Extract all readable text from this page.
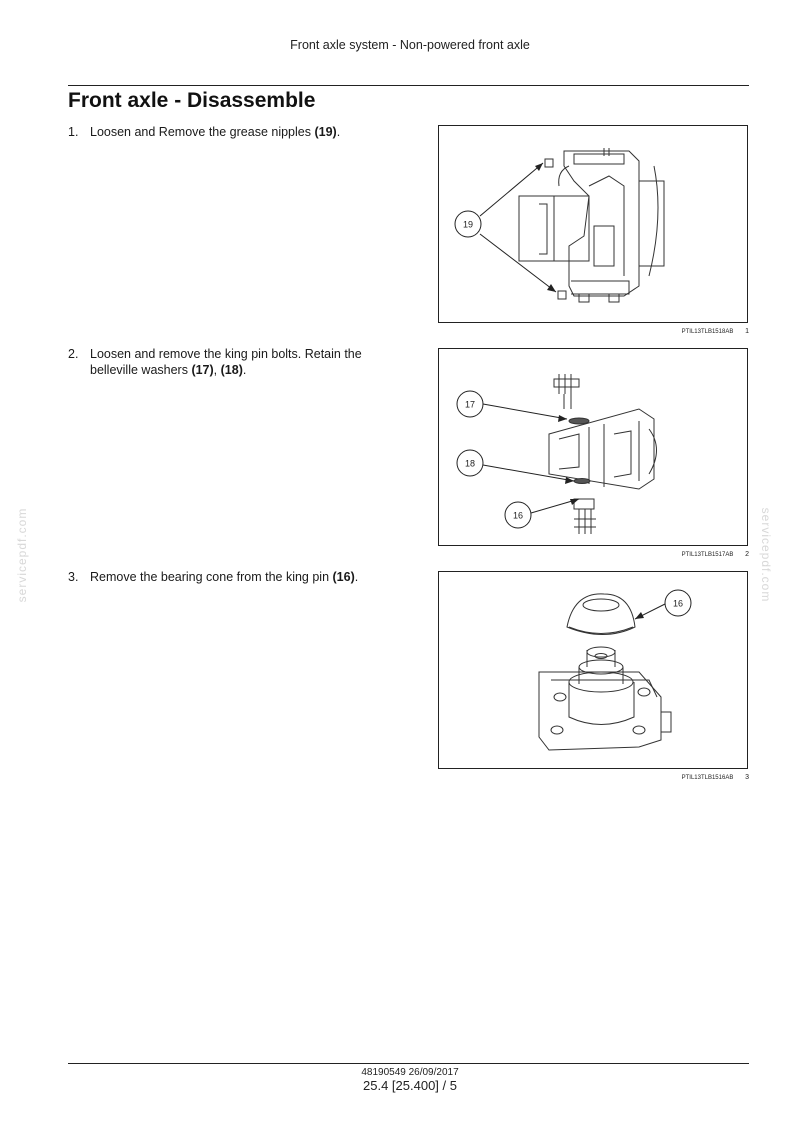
Front axle system - Non-powered front axle
Front axle - Disassemble
1. Loosen and Remove the grease nipples (19).
2. Loosen and remove the king pin bolts. Retain the belleville washers (17), (18).
3. Remove the bearing cone from the king pin (16).
19
PTIL13TLB1518AB 1
17
18
16
PTIL13TLB1517AB 2
16
PTIL13TLB1516AB 3
servicepdf.com	servicepdf.com
48190549 26/09/2017
25.4 [25.400] / 5
